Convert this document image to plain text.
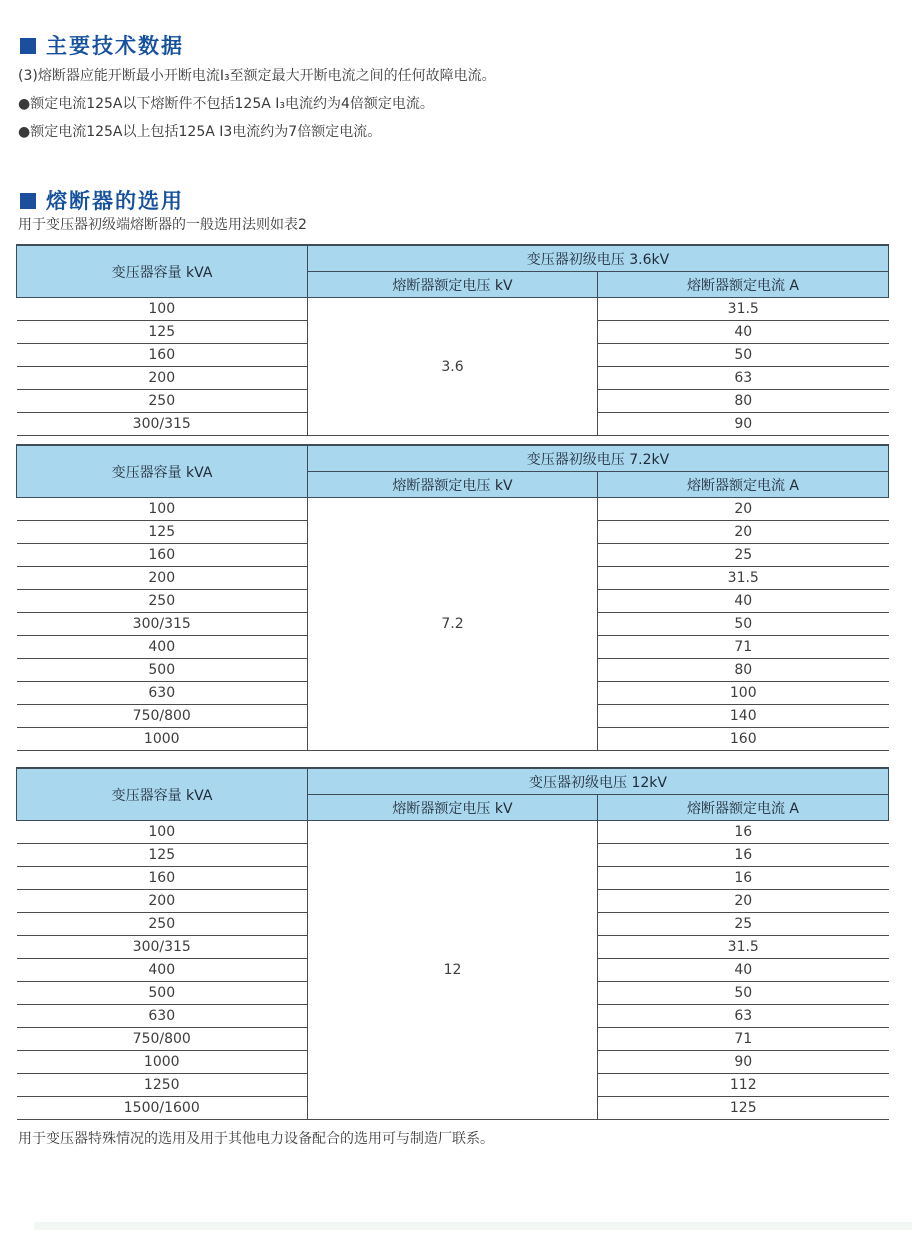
主要技术数据
(3)熔断器应能开断最小开断电流I₃至额定最大开断电流之间的任何故障电流。
●额定电流125A以下熔断件不包括125A I₃电流约为4倍额定电流。
●额定电流125A以上包括125A I3电流约为7倍额定电流。
熔断器的选用
用于变压器初级端熔断器的一般选用法则如表2
变压器容量 kVA	变压器初级电压 3.6kV	
	熔断器额定电压 kV	熔断器额定电流 A
100	3.6	31.5
125		40
160		50
200		63
250		80
300/315		90
变压器容量 kVA	变压器初级电压 7.2kV	
	熔断器额定电压 kV	熔断器额定电流 A
100	7.2	20
125		20
160		25
200		31.5
250		40
300/315		50
400		71
500		80
630		100
750/800		140
1000		160
变压器容量 kVA	变压器初级电压 12kV	
	熔断器额定电压 kV	熔断器额定电流 A
100	12	16
125		16
160		16
200		20
250		25
300/315		31.5
400		40
500		50
630		63
750/800		71
1000		90
1250		112
1500/1600		125
用于变压器特殊情况的选用及用于其他电力设备配合的选用可与制造厂联系。
